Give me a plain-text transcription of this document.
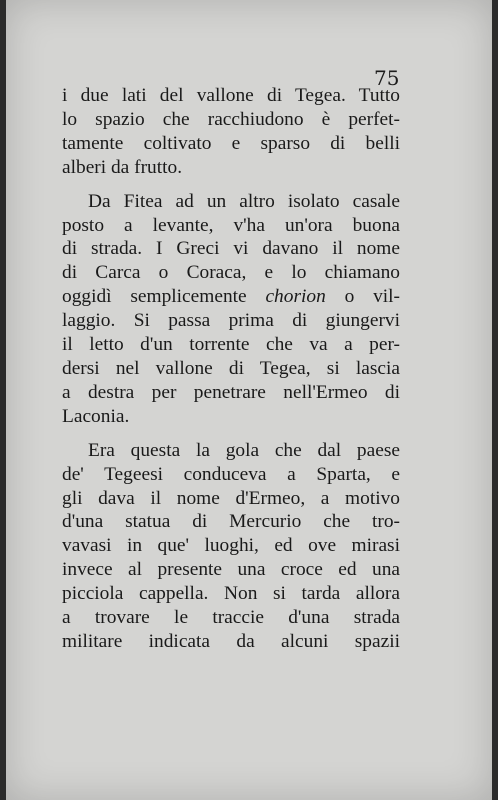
75

i due lati del vallone di Tegea. Tutto
lo spazio che racchiudono è perfet-
tamente coltivato e sparso di belli
alberi da frutto.

Da Fitea ad un altro isolato casale
posto a levante, v'ha un'ora buona
di strada. I Greci vi davano il nome
di Carca o Coraca, e lo chiamano
oggidì semplicemente chorion o vil-
laggio. Si passa prima di giungervi
il letto d'un torrente che va a per-
dersi nel vallone di Tegea, si lascia
a destra per penetrare nell'Ermeo di
Laconia.

Era questa la gola che dal paese
de' Tegeesi conduceva a Sparta, e
gli dava il nome d'Ermeo, a motivo
d'una statua di Mercurio che tro-
vavasi in que' luoghi, ed ove mirasi
invece al presente una croce ed una
picciola cappella. Non si tarda allora
a trovare le traccie d'una strada
militare indicata da alcuni spazii
